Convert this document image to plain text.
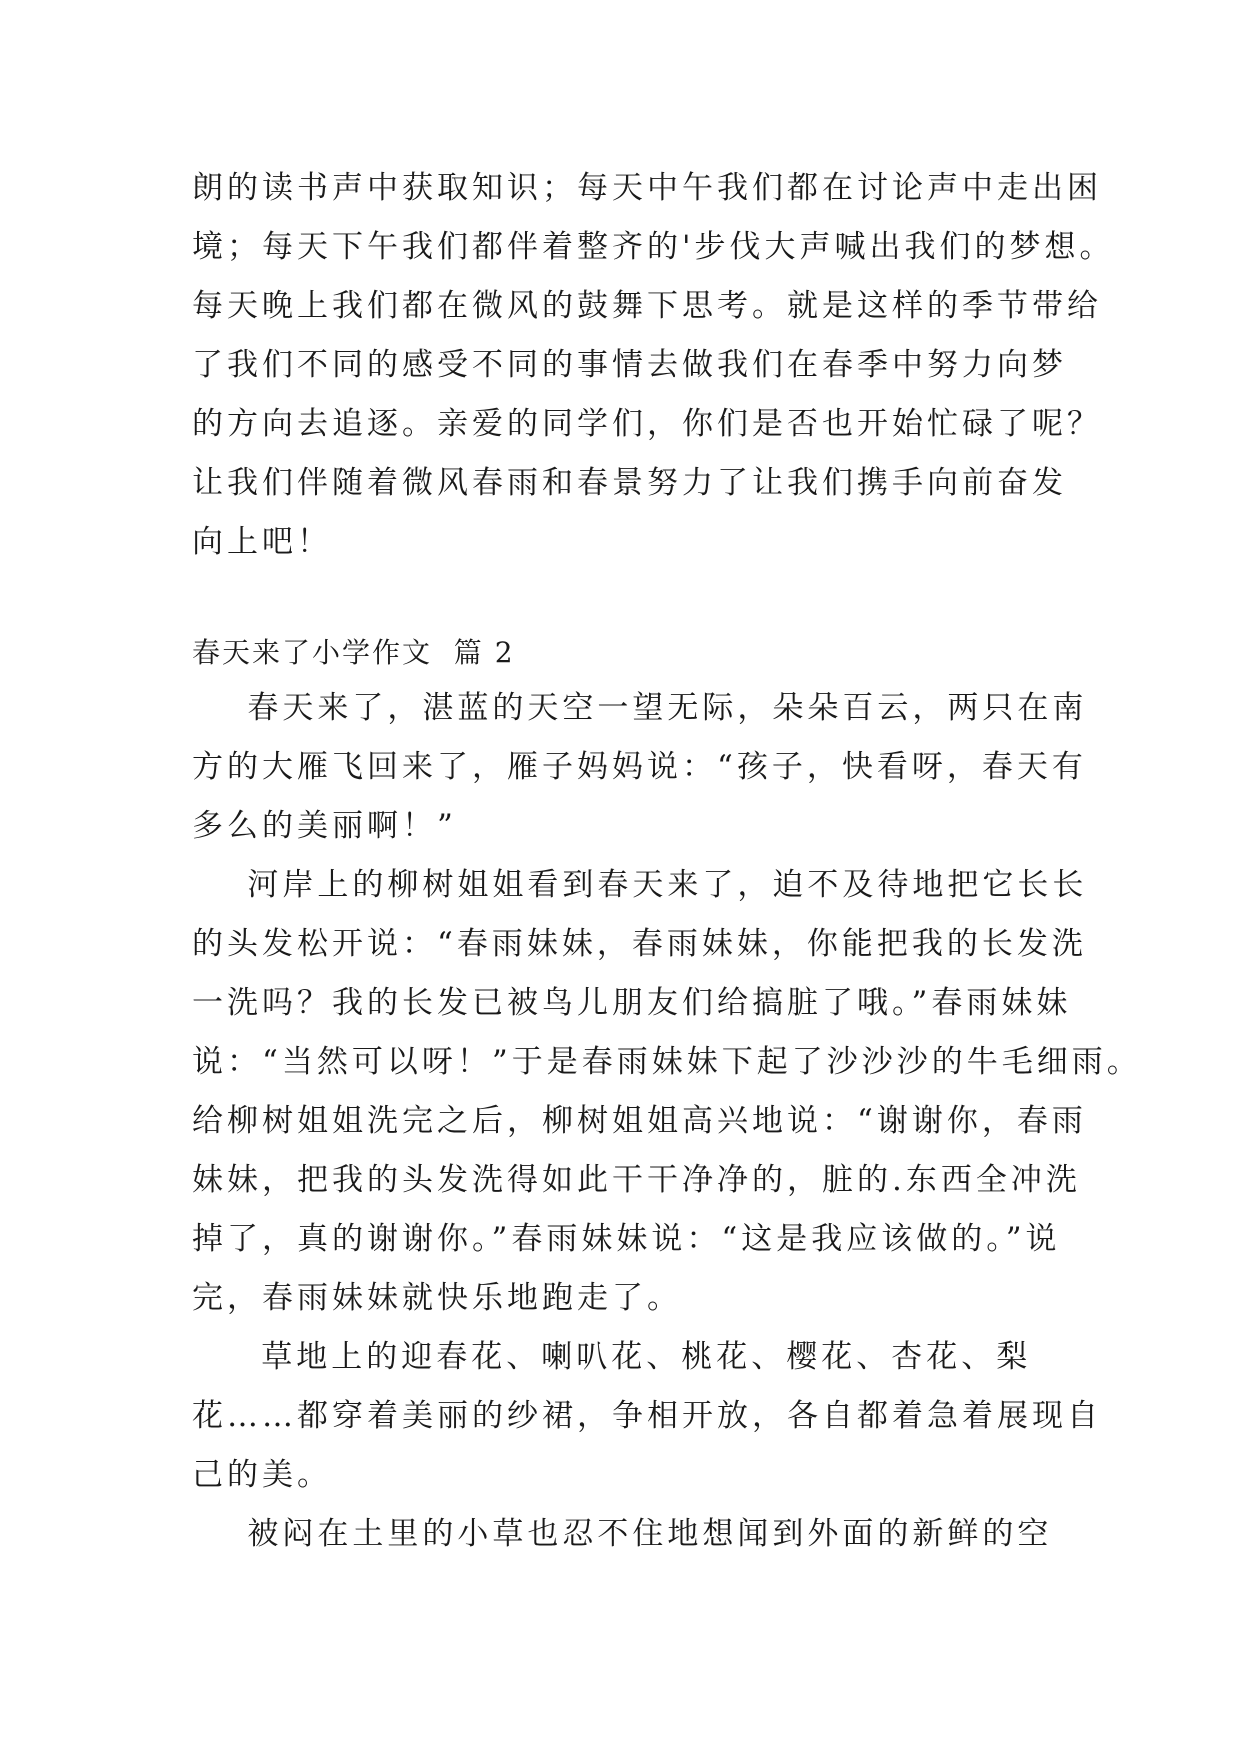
朗的读书声中获取知识；每天中午我们都在讨论声中走出困
境；每天下午我们都伴着整齐的'步伐大声喊出我们的梦想。
每天晚上我们都在微风的鼓舞下思考。就是这样的季节带给
了我们不同的感受不同的事情去做我们在春季中努力向梦
的方向去追逐。亲爱的同学们，你们是否也开始忙碌了呢？
让我们伴随着微风春雨和春景努力了让我们携手向前奋发
向上吧！
春天来了小学作文  篇 2
春天来了，湛蓝的天空一望无际，朵朵百云，两只在南
方的大雁飞回来了，雁子妈妈说：“孩子，快看呀，春天有
多么的美丽啊！”
河岸上的柳树姐姐看到春天来了，迫不及待地把它长长
的头发松开说：“春雨妹妹，春雨妹妹，你能把我的长发洗
一洗吗？我的长发已被鸟儿朋友们给搞脏了哦。”春雨妹妹
说：“当然可以呀！”于是春雨妹妹下起了沙沙沙的牛毛细雨。
给柳树姐姐洗完之后，柳树姐姐高兴地说：“谢谢你，春雨
妹妹，把我的头发洗得如此干干净净的，脏的.东西全冲洗
掉了，真的谢谢你。”春雨妹妹说：“这是我应该做的。”说
完，春雨妹妹就快乐地跑走了。
草地上的迎春花、喇叭花、桃花、樱花、杏花、梨
花……都穿着美丽的纱裙，争相开放，各自都着急着展现自
己的美。
被闷在土里的小草也忍不住地想闻到外面的新鲜的空
